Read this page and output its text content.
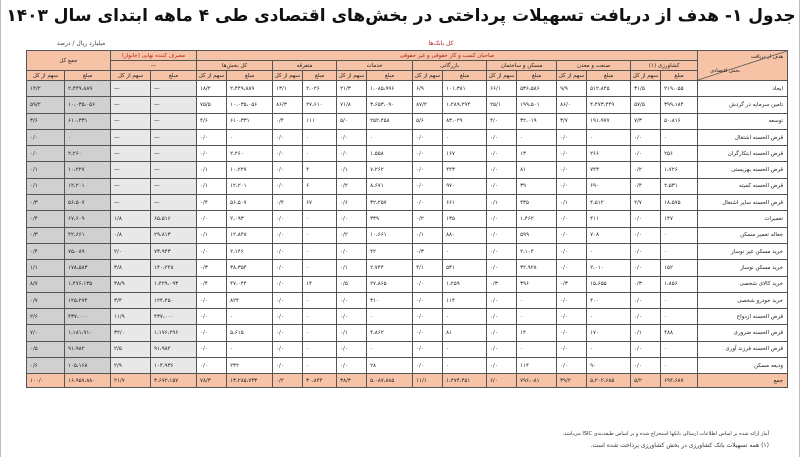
جدول ۱- هدف از دریافت تسهیلات پرداختی در بخش‌های اقتصادی طی ۴ ماهه ابتدای سال ۱۴۰۳
کل بانک‌ها
میلیارد ریال / درصد
هدف از دریافت
بخش اقتصادی	صاحبان کسب و کار حقوقی و غیر حقوقی														مصرف کننده نهایی (خانوار)		جمع کل	
	کشاورزی (۱)		صنعت و معدن		مسکن و ساختمان		بازرگانی		خدمات		متفرقه		کل بخش‌ها		—			
	مبلغ	سهم از کل	مبلغ	سهم از کل	مبلغ	سهم از کل	مبلغ	سهم از کل	مبلغ	سهم از کل	مبلغ	سهم از کل	مبلغ	سهم از کل	مبلغ	سهم از کل	مبلغ	سهم از کل
ایجاد	۲۱۹،۰۵۵	۳۱/۵	۵۱۲،۸۴۵	۹/۹	۵۳۶،۵۸۶	۶۶/۱	۱۰۱،۳۸۱	۶/۹	۱،۰۸۵،۹۹۶	۲۱/۳	۲،۰۲۶	۱۳/۱	۲،۴۴۹،۸۸۹	۱۸/۲	—	—	۲،۴۴۹،۸۸۹	۱۴/۲
تامین سرمایه در گردش	۳۹۹،۱۸۴	۵۷/۵	۴،۴۷۳،۴۴۹	۸۶/۰	۱۹۹،۵۰۱	۲۵/۱	۱،۲۸۹،۲۹۴	۸۷/۲	۳،۶۵۳،۰۹۰	۷۱/۸	۲۷،۶۱۰	۸۶/۳	۱۰،۰۳۵،۰۵۶	۷۵/۵	—	—	۱۰،۰۳۵،۰۵۶	۵۹/۲
توسعه	۵۰،۸۱۶	۷/۳	۱۹۱،۹۷۷	۳/۷	۳۲،۰۱۹	۴/۰	۸۳،۰۲۹	۵/۶	۲۵۲،۴۵۸	۵/۰	۱۱۱	۰/۴	۶۱۰،۳۳۱	۴/۶	—	—	۶۱۰،۳۳۱	۳/۶
قرض الحسنه اشتغال	۰	۰/۰	۰	۰/۰	۰	۰/۰	۰	۰/۰	۰	۰/۰	۰	۰/۰	۰	۰/۰	—	—	۰	۰/۰
قرض الحسنه ابتکارگران	۲۵۶	۰/۰	۲۶۶	۰/۰	۱۳	۰/۰	۱۶۷	۰/۰	۱،۵۵۸	۰/۰	۰	۰/۰	۲،۲۶۰	۰/۰	—	—	۲،۲۶۰	۰/۰
قرض الحسنه بهزیستی	۱،۷۲۶	۰/۲	۷۴۳	۰/۰	۸۱	۰/۰	۴۴۳	۰/۰	۷،۲۶۲	۰/۱	۴	۰/۰	۱۰،۲۲۷	۰/۱	—	—	۱۰،۲۲۷	۰/۱
قرض الحسنه کمیته	۲،۵۳۱	۰/۴	۶۹۰	۰/۰	۳۹	۰/۰	۹۷۰	۰/۰	۸،۶۷۱	۰/۲	۶	۰/۰	۱۲،۲۰۱	۰/۱	—	—	۱۲،۲۰۱	۰/۱
قرض الحسنه سایر اشتغال	۱۸،۵۷۵	۲/۷	۴،۵۱۲	۰/۱	۴۳۵	۰/۱	۶۶۱	۰/۰	۳۲،۲۵۷	۰/۶	۶۷	۰/۴	۵۶،۵۰۷	۰/۴	—	—	۵۶،۵۰۷	۰/۳
تعمیرات	۱۴۷	۰/۰	۴۱۱	۰/۰	۱،۴۶۲	۰/۰	۱۳۵	۰/۲	۳۳۹	۰/۰	۰	۰/۰	۲،۰۹۳	۰/۰	۶۵،۵۱۶	۱/۸	۶۷،۶۰۹	۰/۴
جعاله تعمیر مسکن	۰	۰/۰	۷۰۸	۰/۰	۵۹۹	۰/۰	۸۸۰	۰/۱	۱۰،۶۶۱	۰/۲	۰	۰/۰	۱۲،۸۴۸	۰/۱	۲۹،۸۱۳	۰/۸	۴۲،۶۶۱	۰/۳
خرید مسکن غیر نوساز	۰	۰/۰	۰	۰/۰	۲،۱۰۴	۰/۰	۰	۰/۳	۴۲	۰/۰	۰	۰/۰	۲،۱۴۶	۰/۰	۷۳،۹۴۳	۲/۰	۷۵،۰۸۹	۰/۴
خرید مسکن نوساز	۱۵۲	۰/۰	۲،۰۱۰	۰/۰	۳۲،۹۲۸	۰/۰	۵۳۱	۴/۱	۲،۷۴۴	۰/۱	۰	۰/۰	۳۸،۳۵۴	۰/۳	۱۴۰،۲۲۸	۳/۸	۱۷۸،۵۸۳	۱/۱
خرید کالای شخصی	۱،۸۵۶	۰/۳	۱۵،۶۵۵	۰/۳	۳۹۶	۰/۳	۱،۲۵۹	۰/۰	۲۷،۸۶۵	۰/۵	۱۴	۰/۰	۴۷،۰۴۴	۰/۴	۱،۴۲۹،۰۹۳	۳۸/۹	۱،۴۷۶،۱۳۵	۸/۷
خرید خودرو شخصی	۰	۰/۰	۴۰۰	۰/۰	۰	۰/۰	۱۱۴	۰/۰	۳۱۰	۰/۰	۰	۰/۰	۸۲۴	۰/۰	۱۲۴،۴۵۰	۳/۴	۱۲۵،۲۷۴	۰/۷
قرض الحسنه ازدواج	۰	۰/۰	۰	۰/۰	۰	۰/۰	۰	۰/۰	۰	۰/۰	۰	۰/۰	۰	۰/۰	۴۳۷،۰۰۰	۱۱/۹	۴۳۷،۰۰۰	۲/۶
قرض الحسنه ضروری	۴۸۸	۰/۱	۱۷۰	۰/۰	۱۴	۰/۰	۸۱	۰/۰	۴،۸۶۲	۰/۱	۰	۰/۰	۵،۶۱۵	۰/۰	۱،۱۷۶،۲۹۶	۳۲/۰	۱،۱۸۱،۹۱۰	۷/۰
قرض الحسنه فرزند آوری	۰	۰/۰	۰	۰/۰	۰	۰/۰	۰	۰/۰	۰	۰/۰	۰	۰/۰	۰	۰/۰	۹۱،۹۸۲	۲/۵	۹۱،۹۸۲	۰/۵
ودیعه مسکن	۰	۰/۰	۹۰	۰/۰	۱۱۴	۰/۰	۰	۰/۰	۲۸	۰/۰	۰	۰/۰	۲۳۲	۰/۰	۱۰۴،۹۳۶	۲/۹	۱۰۵،۱۶۸	۰/۶
جمع	۶۹۴،۶۸۷	۵/۲	۵،۲۰۲،۶۸۵	۳۹/۲	۷۹۶،۰۸۱	۶/۰	۱،۴۷۴،۴۵۱	۱۱/۱	۵،۰۸۷،۸۸۵	۳۸/۳	۳۰،۸۴۴	۰/۲	۱۳،۲۸۵،۷۳۳	۷۸/۳	۳،۶۷۲،۱۵۷	۲۱/۷	۱۶،۹۵۷،۸۸۰	۱۰۰/۰
آمار ارائه شده بر اساس اطلاعات ارسالی بانکها استخراج شده و بر اساس طبقه‌بندی ISIC می‌باشد.
(۱) همه تسهیلات بانک کشاورزی در بخش کشاورزی پرداخت شده است.
